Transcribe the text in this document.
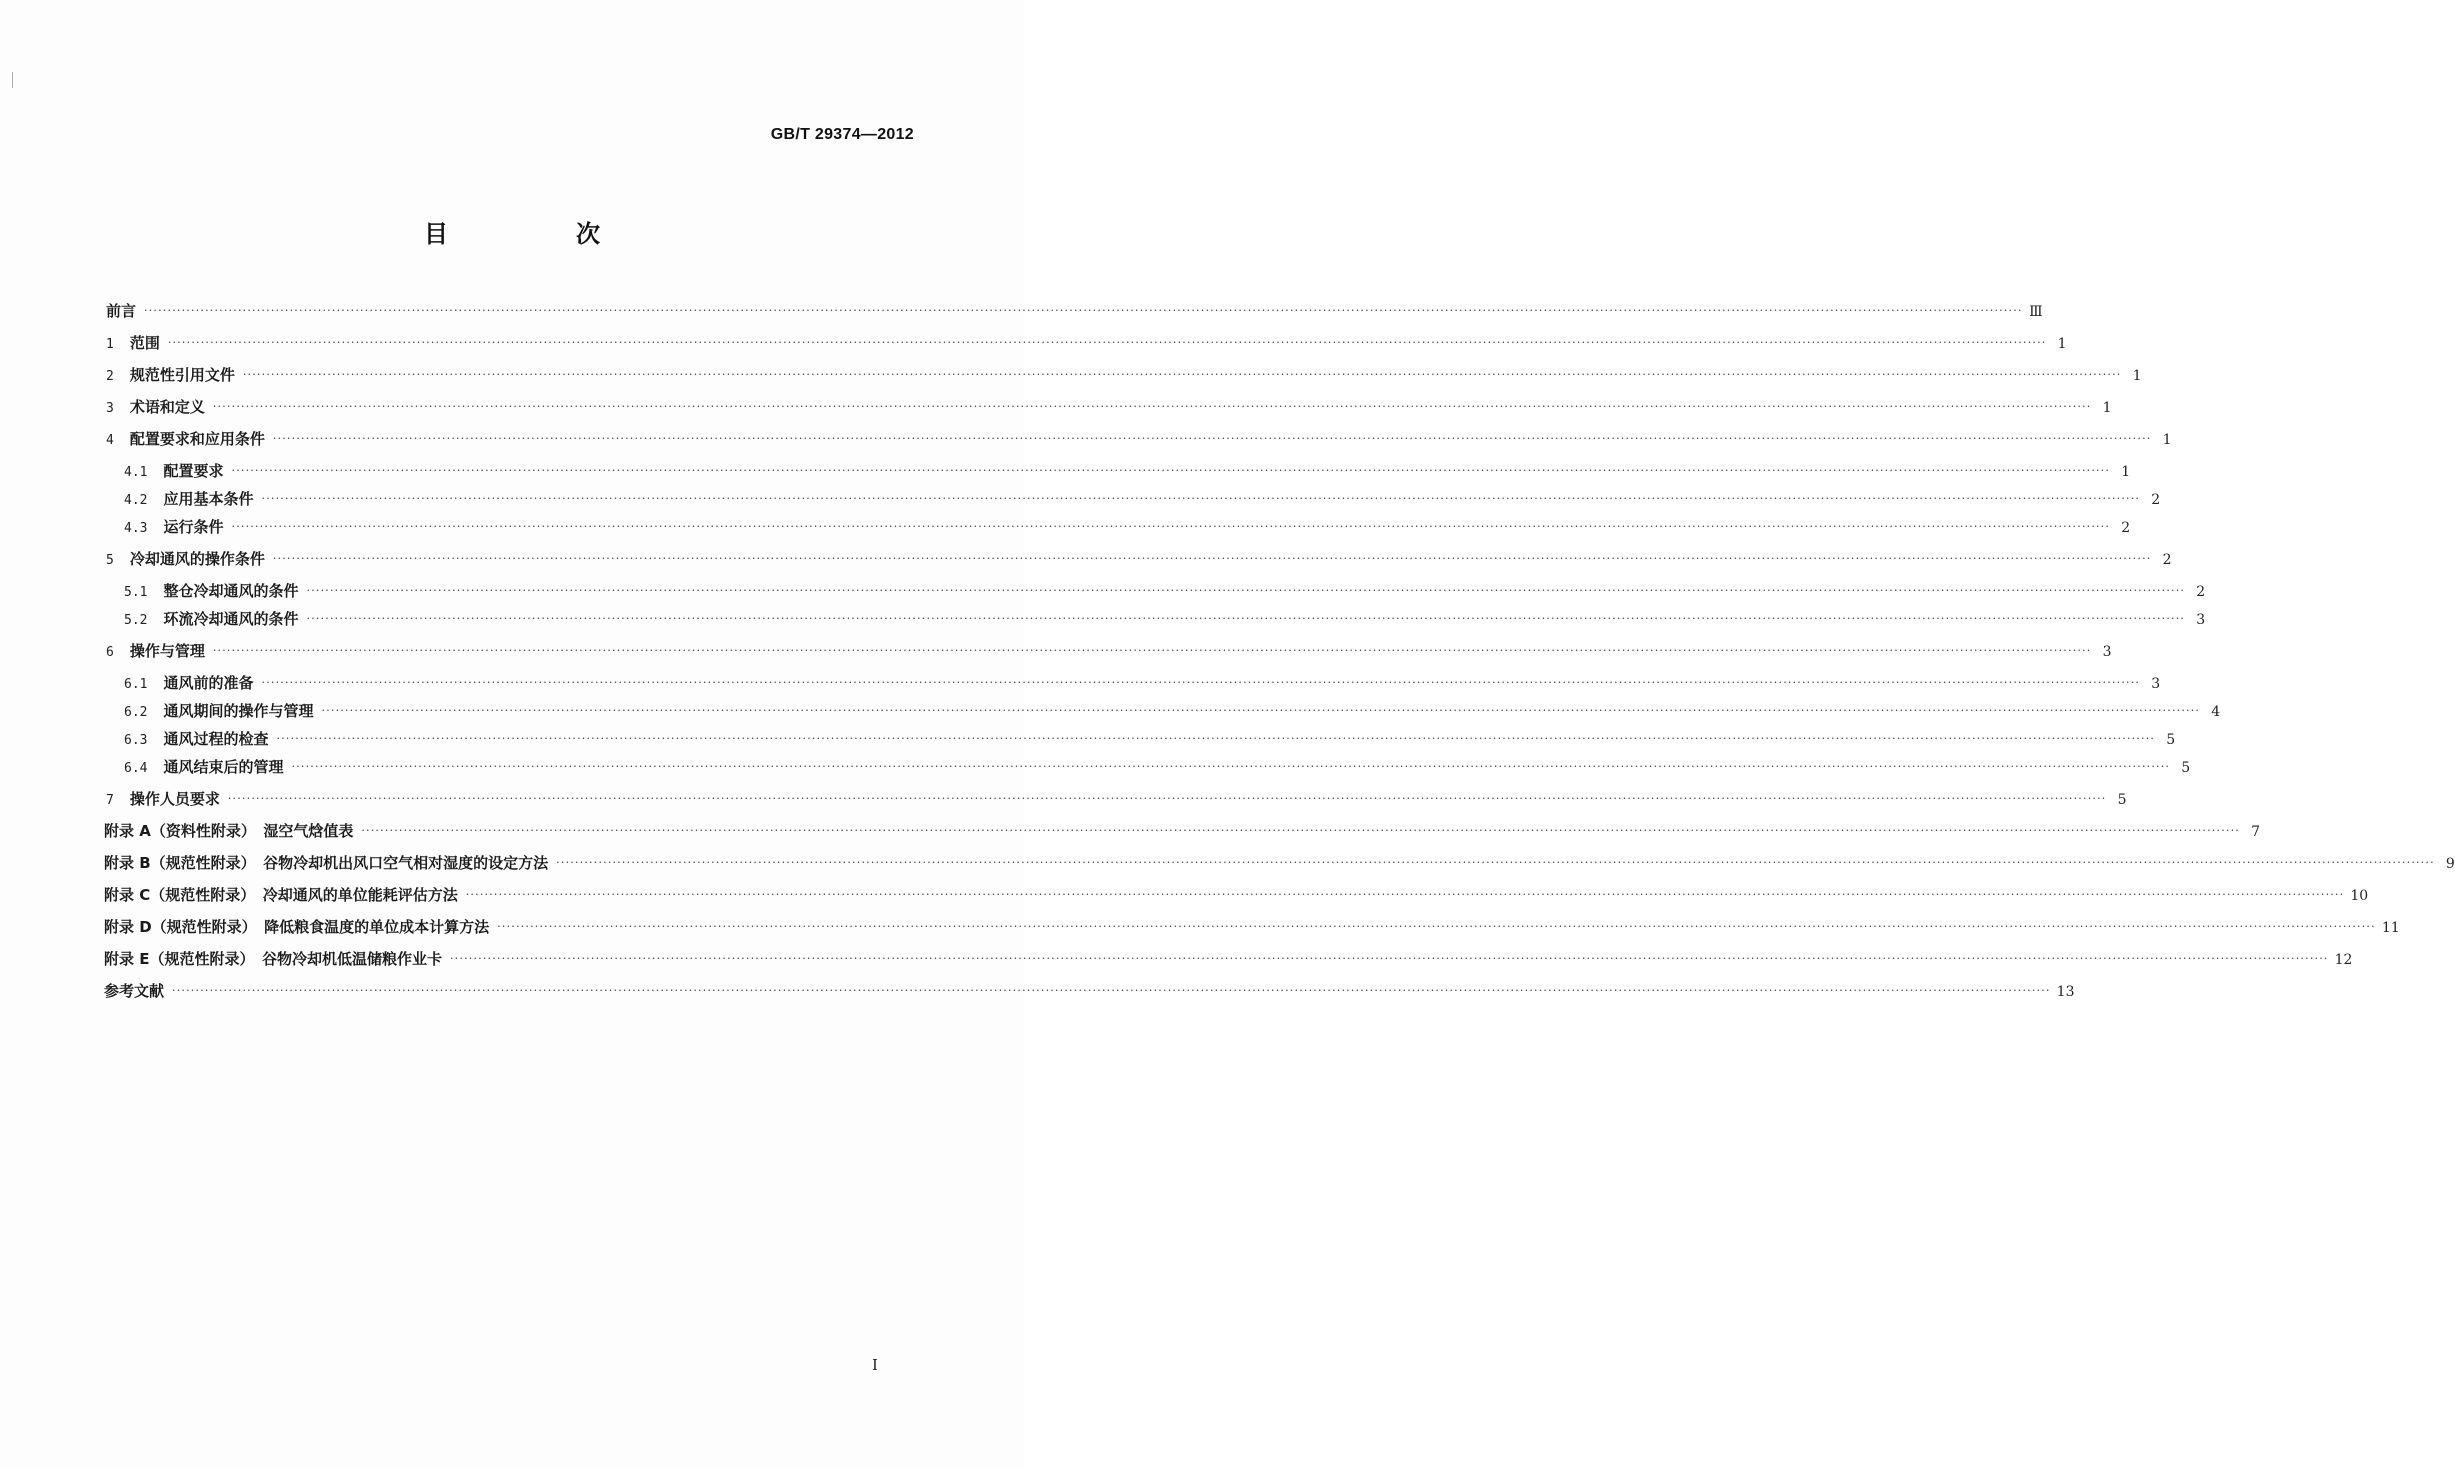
GB/T 29374—2012
目　次
前言 ················································································································································································································································································································································································································ Ⅲ
1 范围 ················································································································································································································································································································································································································ 1
2 规范性引用文件 ················································································································································································································································································································································································································ 1
3 术语和定义 ················································································································································································································································································································································································································ 1
4 配置要求和应用条件 ················································································································································································································································································································································································································ 1
4.1 配置要求 ················································································································································································································································································································································································································ 1
4.2 应用基本条件 ················································································································································································································································································································································································································ 2
4.3 运行条件 ················································································································································································································································································································································································································ 2
5 冷却通风的操作条件 ················································································································································································································································································································································································································ 2
5.1 整仓冷却通风的条件 ················································································································································································································································································································································································································ 2
5.2 环流冷却通风的条件 ················································································································································································································································································································································································································ 3
6 操作与管理 ················································································································································································································································································································································································································ 3
6.1 通风前的准备 ················································································································································································································································································································································································································ 3
6.2 通风期间的操作与管理 ················································································································································································································································································································································································································ 4
6.3 通风过程的检查 ················································································································································································································································································································································································································ 5
6.4 通风结束后的管理 ················································································································································································································································································································································································································ 5
7 操作人员要求 ················································································································································································································································································································································································································ 5
附录 A（资料性附录）　湿空气焓值表 ················································································································································································································································································································································································································ 7
附录 B（规范性附录）　谷物冷却机出风口空气相对湿度的设定方法 ················································································································································································································································································································································································································ 9
附录 C（规范性附录）　冷却通风的单位能耗评估方法 ················································································································································································································································································································································································································ 10
附录 D（规范性附录）　降低粮食温度的单位成本计算方法 ················································································································································································································································································································································································································ 11
附录 E（规范性附录）　谷物冷却机低温储粮作业卡 ················································································································································································································································································································································································································ 12
参考文献 ················································································································································································································································································································································································································ 13
I
